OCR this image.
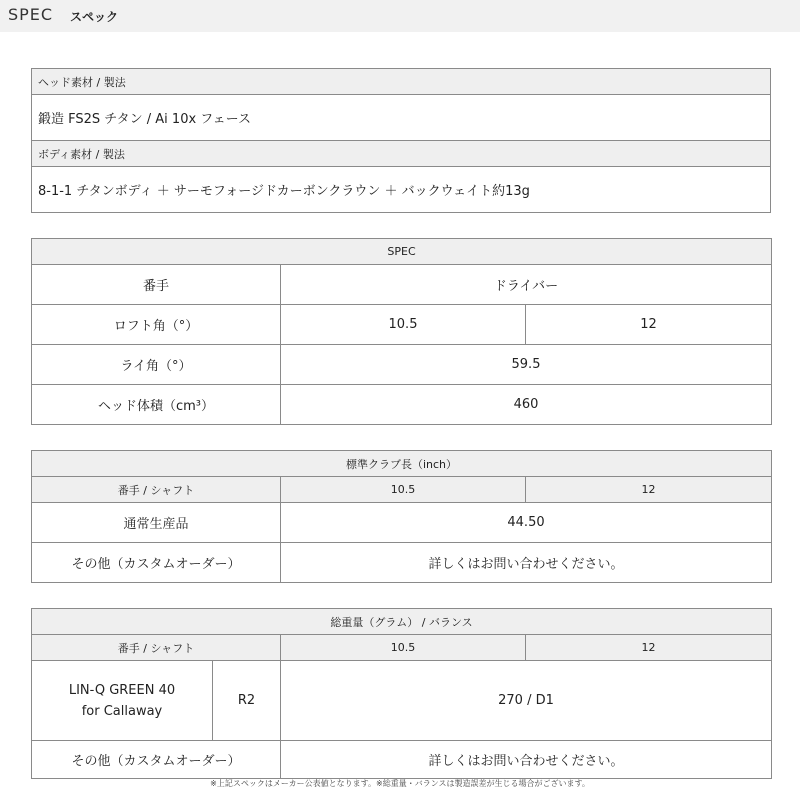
SPEC スペック
ヘッド素材 / 製法
鍛造 FS2S チタン / Ai 10x フェース
ボディ素材 / 製法
8-1-1 チタンボディ ＋ サーモフォージドカーボンクラウン ＋ バックウェイト約13g
SPEC		
番手	ドライバー	
ロフト角（°）	10.5	12
ライ角（°）	59.5	
ヘッド体積（cm³）	460	
標準クラブ長（inch）		
番手 / シャフト	10.5	12
通常生産品	44.50	
その他（カスタムオーダー）	詳しくはお問い合わせください。	
総重量（グラム） / バランス			
番手 / シャフト		10.5	12

LIN-Q GREEN 40
for Callaway	R2	270 / D1	
その他（カスタムオーダー）		詳しくはお問い合わせください。	
※上記スペックはメーカー公表値となります。※総重量・バランスは製造誤差が生じる場合がございます。
